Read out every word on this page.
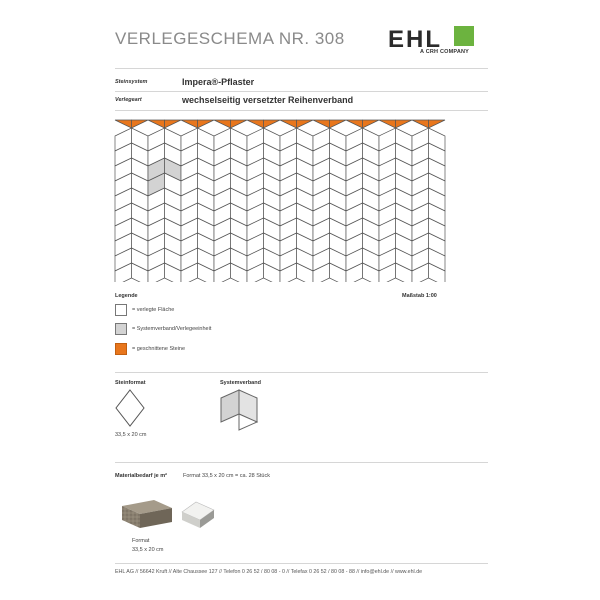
VERLEGESCHEMA NR. 308 EHL
A CRH COMPANY
Steinsystem	Impera®-Pflaster
Verlegeart	wechselseitig versetzter Reihenverband
Legende	Maßstab 1:00
= verlegte Fläche
= Systemverband/Verlegeeinheit
= geschnittene Steine
Steinformat
33,5 x 20 cm
Systemverband
Materialbedarf je m²	Format 33,5 x 20 cm = ca. 28 Stück
Format
33,5 x 20 cm
EHL AG // 56642 Kruft // Alte Chaussee 127 // Telefon 0 26 52 / 80 08 - 0 // Telefax 0 26 52 / 80 08 - 88 // info@ehl.de // www.ehl.de
